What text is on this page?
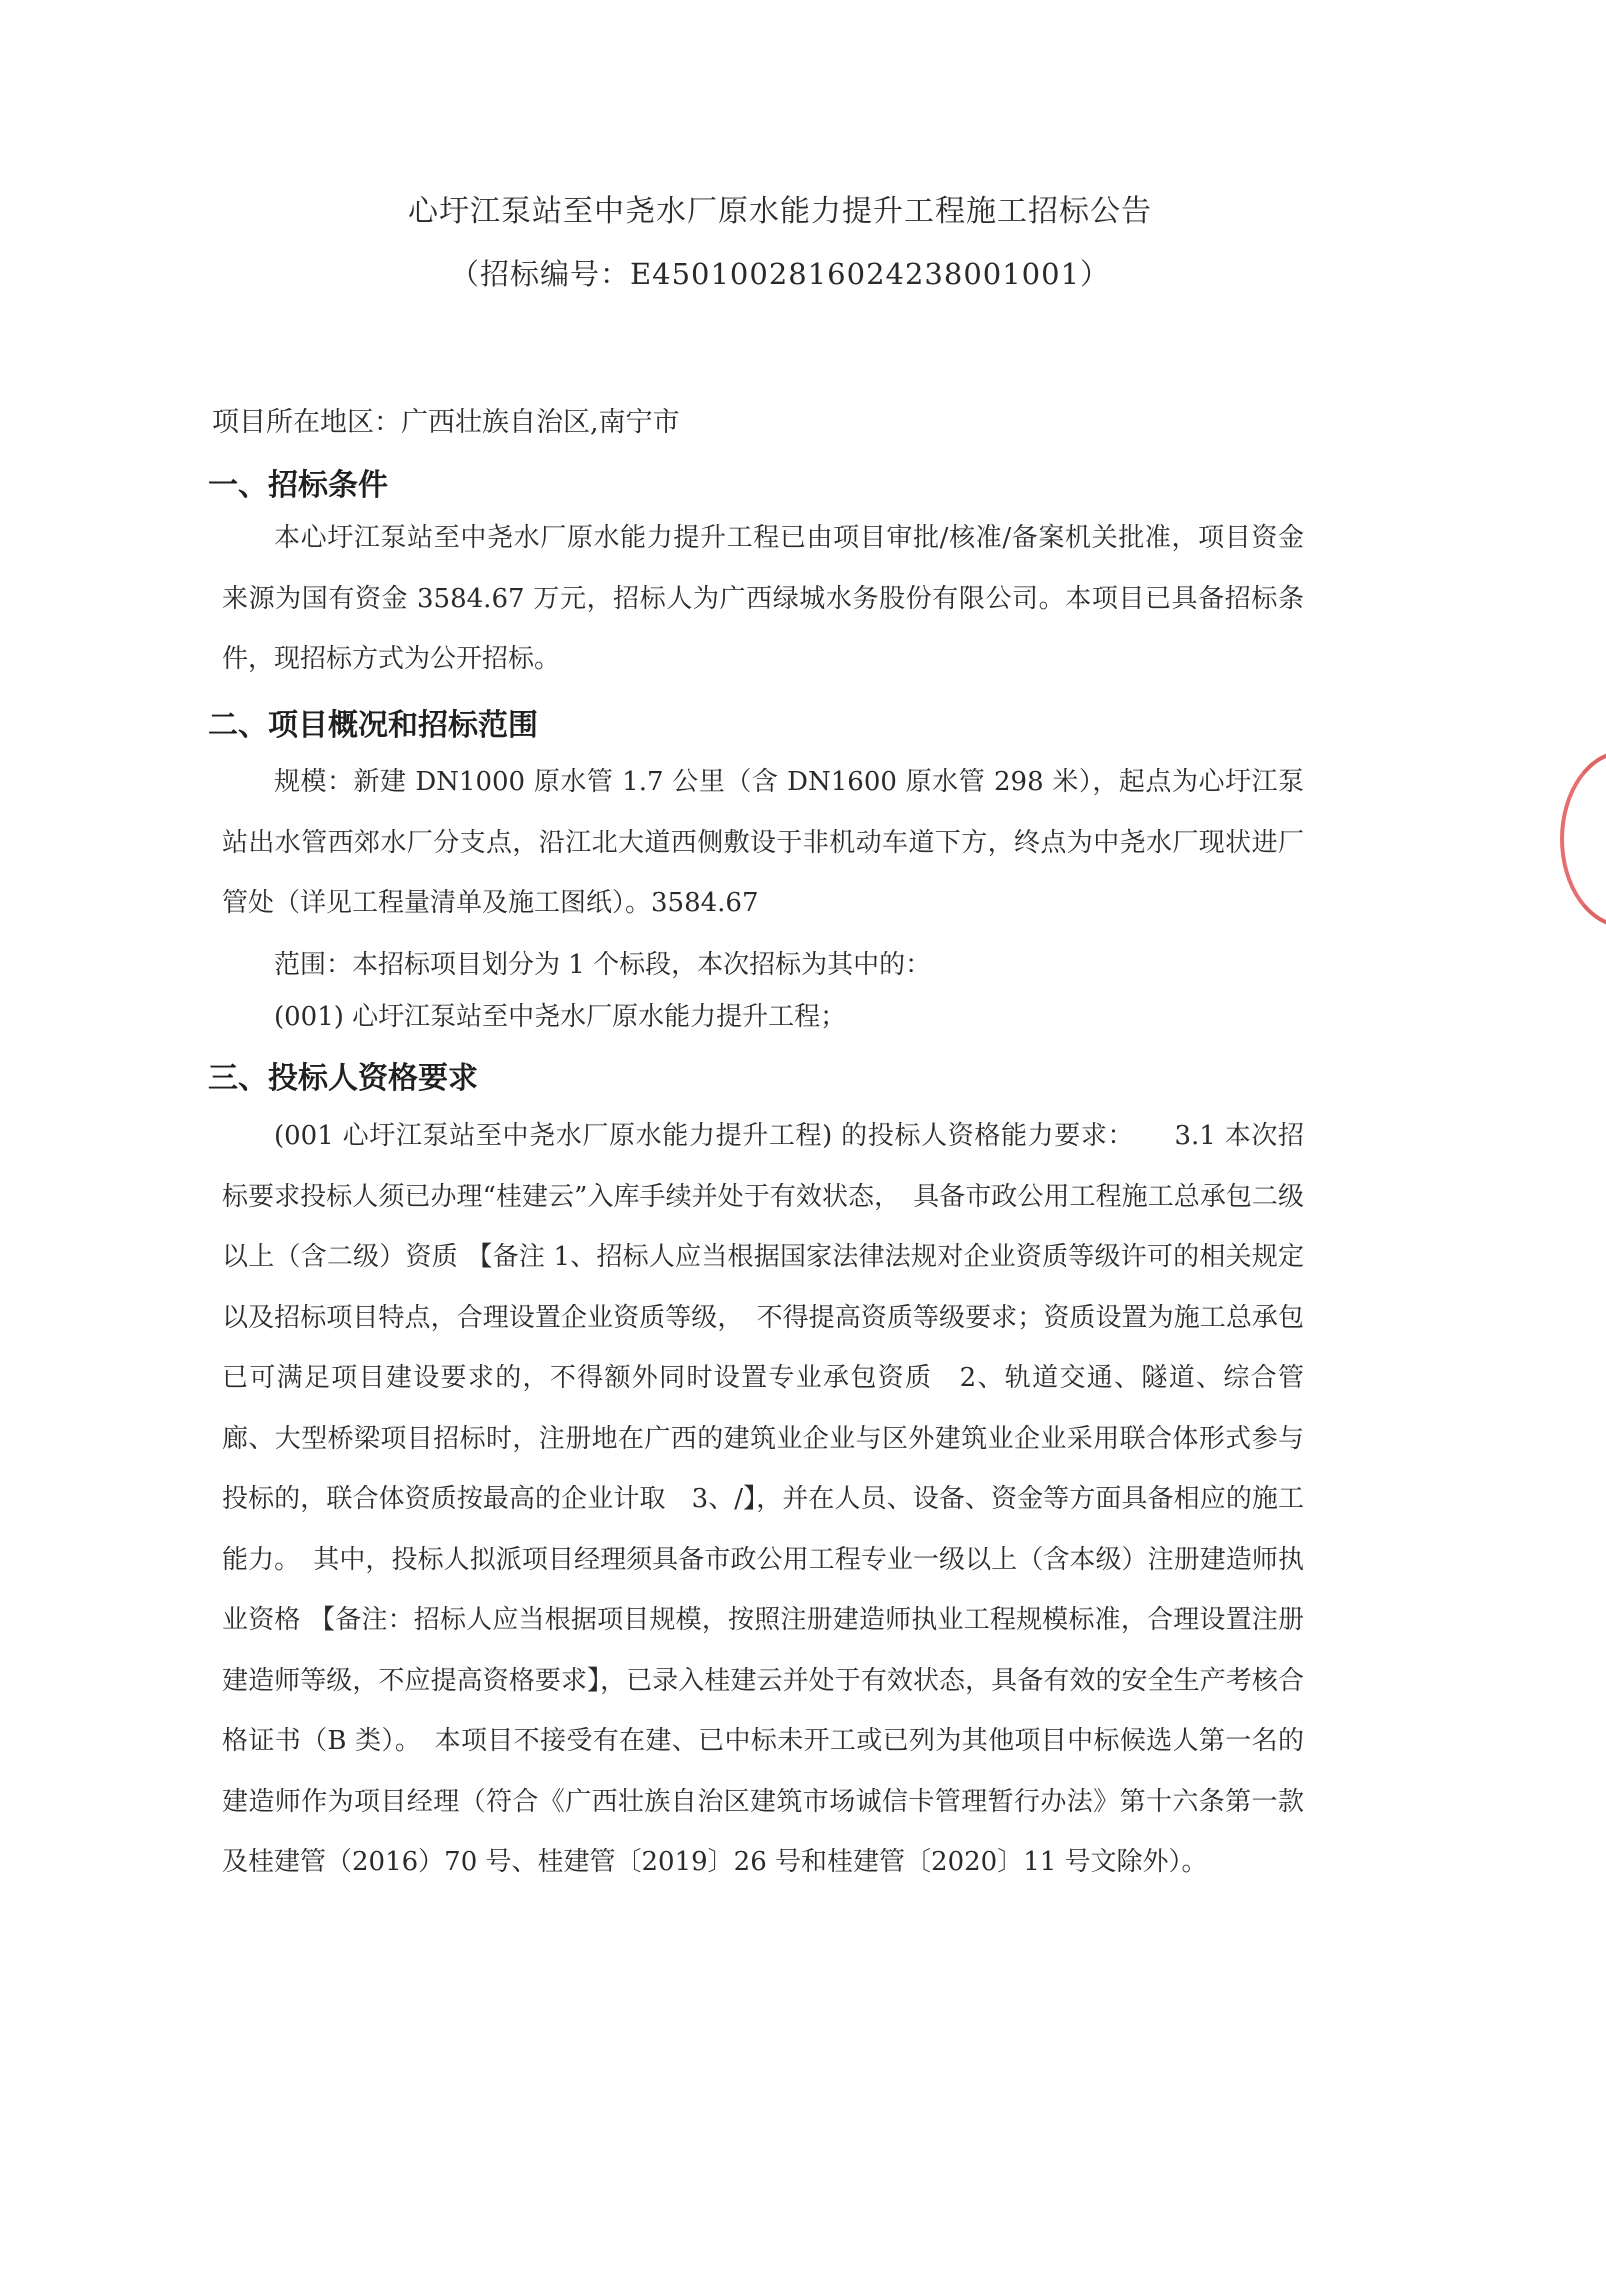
心圩江泵站至中尧水厂原水能力提升工程施工招标公告
（招标编号：E4501002816024238001001）
项目所在地区：广西壮族自治区,南宁市
一、招标条件
本心圩江泵站至中尧水厂原水能力提升工程已由项目审批/核准/备案机关批准，项目资金来源为国有资金 3584.67 万元，招标人为广西绿城水务股份有限公司。本项目已具备招标条件，现招标方式为公开招标。
二、项目概况和招标范围
规模：新建 DN1000 原水管 1.7 公里（含 DN1600 原水管 298 米），起点为心圩江泵站出水管西郊水厂分支点，沿江北大道西侧敷设于非机动车道下方，终点为中尧水厂现状进厂管处（详见工程量清单及施工图纸）。3584.67
范围：本招标项目划分为 1 个标段，本次招标为其中的：
(001) 心圩江泵站至中尧水厂原水能力提升工程；
三、投标人资格要求
(001 心圩江泵站至中尧水厂原水能力提升工程) 的投标人资格能力要求：　　3.1 本次招标要求投标人须已办理“桂建云”入库手续并处于有效状态，　具备市政公用工程施工总承包二级以上（含二级）资质 【备注 1、招标人应当根据国家法律法规对企业资质等级许可的相关规定以及招标项目特点，合理设置企业资质等级，　不得提高资质等级要求；资质设置为施工总承包已可满足项目建设要求的，不得额外同时设置专业承包资质　2、轨道交通、隧道、综合管廊、大型桥梁项目招标时，注册地在广西的建筑业企业与区外建筑业企业采用联合体形式参与投标的，联合体资质按最高的企业计取　3、/】，并在人员、设备、资金等方面具备相应的施工能力。　其中，投标人拟派项目经理须具备市政公用工程专业一级以上（含本级）注册建造师执业资格 【备注：招标人应当根据项目规模，按照注册建造师执业工程规模标准，合理设置注册建造师等级，不应提高资格要求】，已录入桂建云并处于有效状态，具备有效的安全生产考核合格证书（B 类）。　本项目不接受有在建、已中标未开工或已列为其他项目中标候选人第一名的建造师作为项目经理（符合《广西壮族自治区建筑市场诚信卡管理暂行办法》第十六条第一款及桂建管（2016）70 号、桂建管〔2019〕26 号和桂建管〔2020〕11 号文除外）。
